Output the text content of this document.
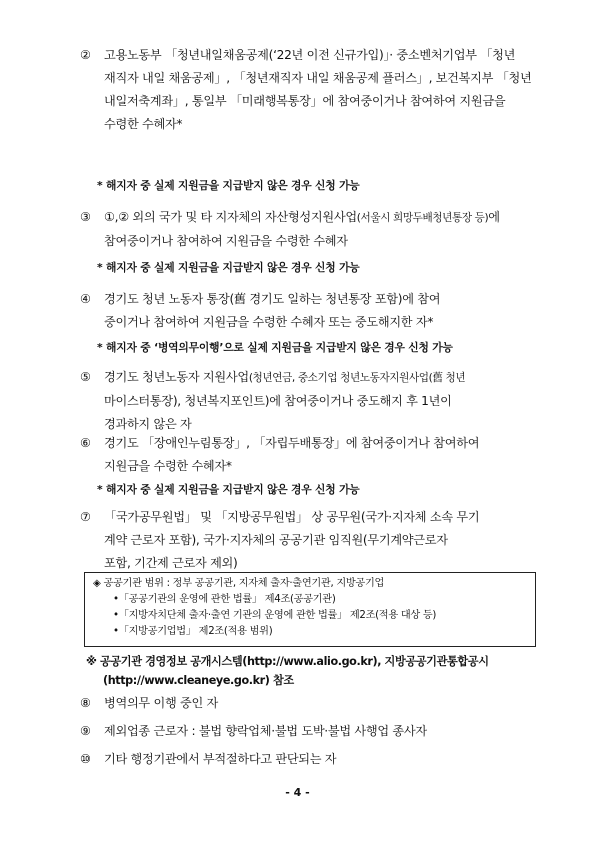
②	고용노동부 「청년내일채움공제(‘22년 이전 신규가입)」· 중소벤처기업부 「청년
재직자 내일 채움공제」, 「청년재직자 내일 채움공제 플러스」, 보건복지부 「청년
내일저축계좌」, 통일부 「미래행복통장」에 참여중이거나 참여하여 지원금을
수령한 수혜자*
* 해지자 중 실제 지원금을 지급받지 않은 경우 신청 가능
③	①,② 외의 국가 및 타 지자체의 자산형성지원사업(서울시 희망두배청년통장 등)에
참여중이거나 참여하여 지원금을 수령한 수혜자
* 해지자 중 실제 지원금을 지급받지 않은 경우 신청 가능
④	경기도 청년 노동자 통장(舊 경기도 일하는 청년통장 포함)에 참여
중이거나 참여하여 지원금을 수령한 수혜자 또는 중도해지한 자*
* 해지자 중 ‘병역의무이행’으로 실제 지원금을 지급받지 않은 경우 신청 가능
⑤	경기도 청년노동자 지원사업(청년연금, 중소기업 청년노동자지원사업(舊 청년
마이스터통장), 청년복지포인트)에 참여중이거나 중도해지 후 1년이
경과하지 않은 자
⑥	경기도 「장애인누림통장」, 「자립두배통장」에 참여중이거나 참여하여
지원금을 수령한 수혜자*
* 해지자 중 실제 지원금을 지급받지 않은 경우 신청 가능
⑦	「국가공무원법」 및 「지방공무원법」 상 공무원(국가·지자체 소속 무기
계약 근로자 포함), 국가·지자체의 공공기관 임직원(무기계약근로자
포함, 기간제 근로자 제외)
◈ 공공기관 범위 : 정부 공공기관, 지자체 출자·출연기관, 지방공기업
•「공공기관의 운영에 관한 법률」 제4조(공공기관)
•「지방자치단체 출자·출연 기관의 운영에 관한 법률」 제2조(적용 대상 등)
•「지방공기업법」 제2조(적용 범위)
※ 공공기관 경영정보 공개시스템(http://www.alio.go.kr), 지방공공기관통합공시
(http://www.cleaneye.go.kr) 참조
⑧	병역의무 이행 중인 자
⑨	제외업종 근로자 : 불법 향락업체·불법 도박·불법 사행업 종사자
⑩	기타 행정기관에서 부적절하다고 판단되는 자
- 4 -
